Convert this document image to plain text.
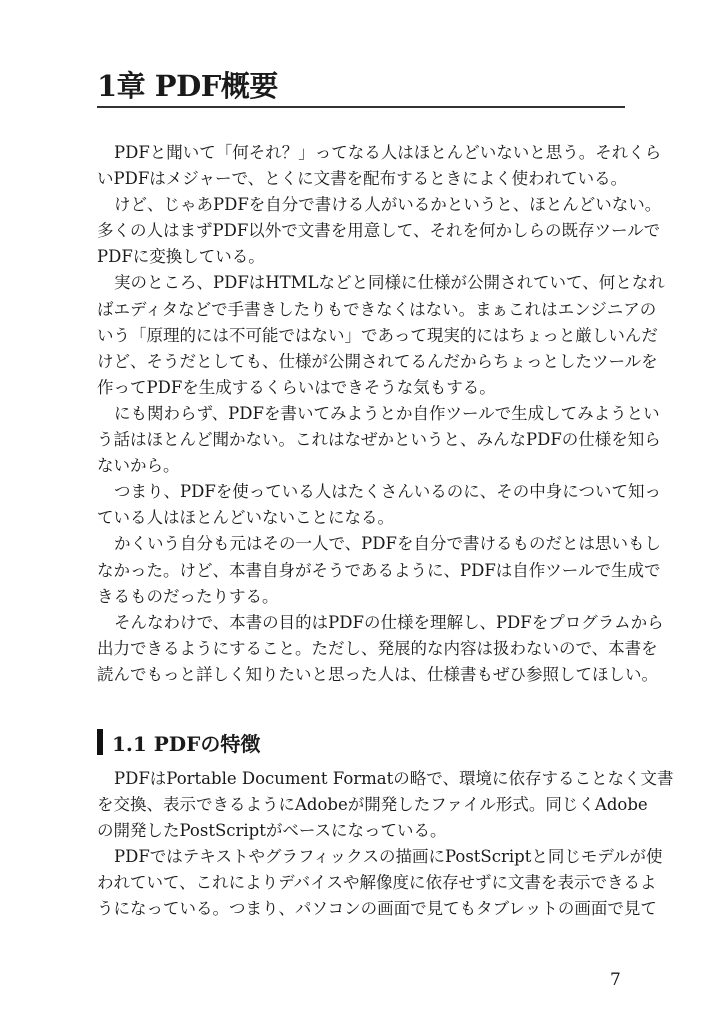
1章 PDF概要
PDFと聞いて「何それ？」ってなる人はほとんどいないと思う。それくら
いPDFはメジャーで、とくに文書を配布するときによく使われている。
けど、じゃあPDFを自分で書ける人がいるかというと、ほとんどいない。
多くの人はまずPDF以外で文書を用意して、それを何かしらの既存ツールで
PDFに変換している。
実のところ、PDFはHTMLなどと同様に仕様が公開されていて、何となれ
ばエディタなどで手書きしたりもできなくはない。まぁこれはエンジニアの
いう「原理的には不可能ではない」であって現実的にはちょっと厳しいんだ
けど、そうだとしても、仕様が公開されてるんだからちょっとしたツールを
作ってPDFを生成するくらいはできそうな気もする。
にも関わらず、PDFを書いてみようとか自作ツールで生成してみようとい
う話はほとんど聞かない。これはなぜかというと、みんなPDFの仕様を知ら
ないから。
つまり、PDFを使っている人はたくさんいるのに、その中身について知っ
ている人はほとんどいないことになる。
かくいう自分も元はその一人で、PDFを自分で書けるものだとは思いもし
なかった。けど、本書自身がそうであるように、PDFは自作ツールで生成で
きるものだったりする。
そんなわけで、本書の目的はPDFの仕様を理解し、PDFをプログラムから
出力できるようにすること。ただし、発展的な内容は扱わないので、本書を
読んでもっと詳しく知りたいと思った人は、仕様書もぜひ参照してほしい。
1.1 PDFの特徴
PDFはPortable Document Formatの略で、環境に依存することなく文書
を交換、表示できるようにAdobeが開発したファイル形式。同じくAdobe
の開発したPostScriptがベースになっている。
PDFではテキストやグラフィックスの描画にPostScriptと同じモデルが使
われていて、これによりデバイスや解像度に依存せずに文書を表示できるよ
うになっている。つまり、パソコンの画面で見てもタブレットの画面で見て
7
